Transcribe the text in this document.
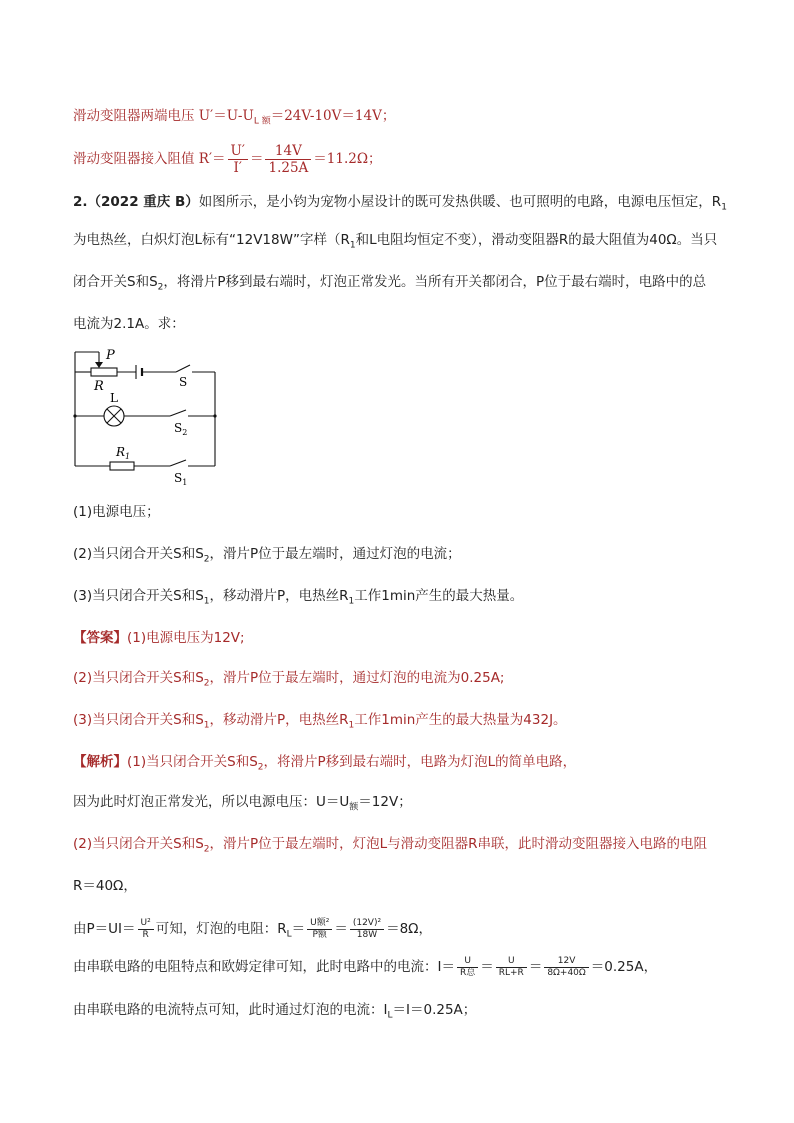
滑动变阻器两端电压 $U'=U-U_{L 额}=24V-10V=14V$；
滑动变阻器接入阻值 $R'= \frac{U'}{I'} = \frac{14V}{1.25A} =11.2\Omega$；
2.（2022 重庆 B）如图所示，是小钧为宠物小屋设计的既可发热供暖、也可照明的电路，电源电压恒定，$R_1$
为电热丝，白炽灯泡L标有“12V18W”字样（$R_1$和L电阻均恒定不变），滑动变阻器R的最大阻值为40Ω。当只
闭合开关S和$S_2$，将滑片P移到最右端时，灯泡正常发光。当所有开关都闭合，P位于最右端时，电路中的总
电流为2.1A。求：
P
R	S
L
$S_2$
$R_1$
$S_1$
(1)电源电压；
(2)当只闭合开关S和$S_2$，滑片P位于最左端时，通过灯泡的电流；
(3)当只闭合开关S和$S_1$，移动滑片P，电热丝$R_1$工作1min产生的最大热量。
【答案】(1)电源电压为12V;
(2)当只闭合开关S和$S_2$，滑片P位于最左端时，通过灯泡的电流为0.25A;
(3)当只闭合开关S和$S_1$，移动滑片P，电热丝$R_1$工作1min产生的最大热量为432J。
【解析】(1)当只闭合开关S和$S_2$，将滑片P移到最右端时，电路为灯泡L的简单电路，
因为此时灯泡正常发光，所以电源电压：$U=U_额=12V$；
(2)当只闭合开关S和$S_2$，滑片P位于最左端时，灯泡L与滑动变阻器R串联，此时滑动变阻器接入电路的电阻
R＝40Ω，
由$P=UI= \frac{\text{U²}}{R}$ 可知，灯泡的电阻：$R_L= \frac{\text{U额²}}{\text{P额}} = \frac{\text{(12V)²}}{18W} =8\Omega$，
由串联电路的电阻特点和欧姆定律可知，此时电路中的电流：$I= \frac{U}{\text{R总}} = \frac{U}{RL+R} = \frac{12V}{8\Omega+40\Omega} =0.25A$，
由串联电路的电流特点可知，此时通过灯泡的电流：$I_L=I=0.25A$；
